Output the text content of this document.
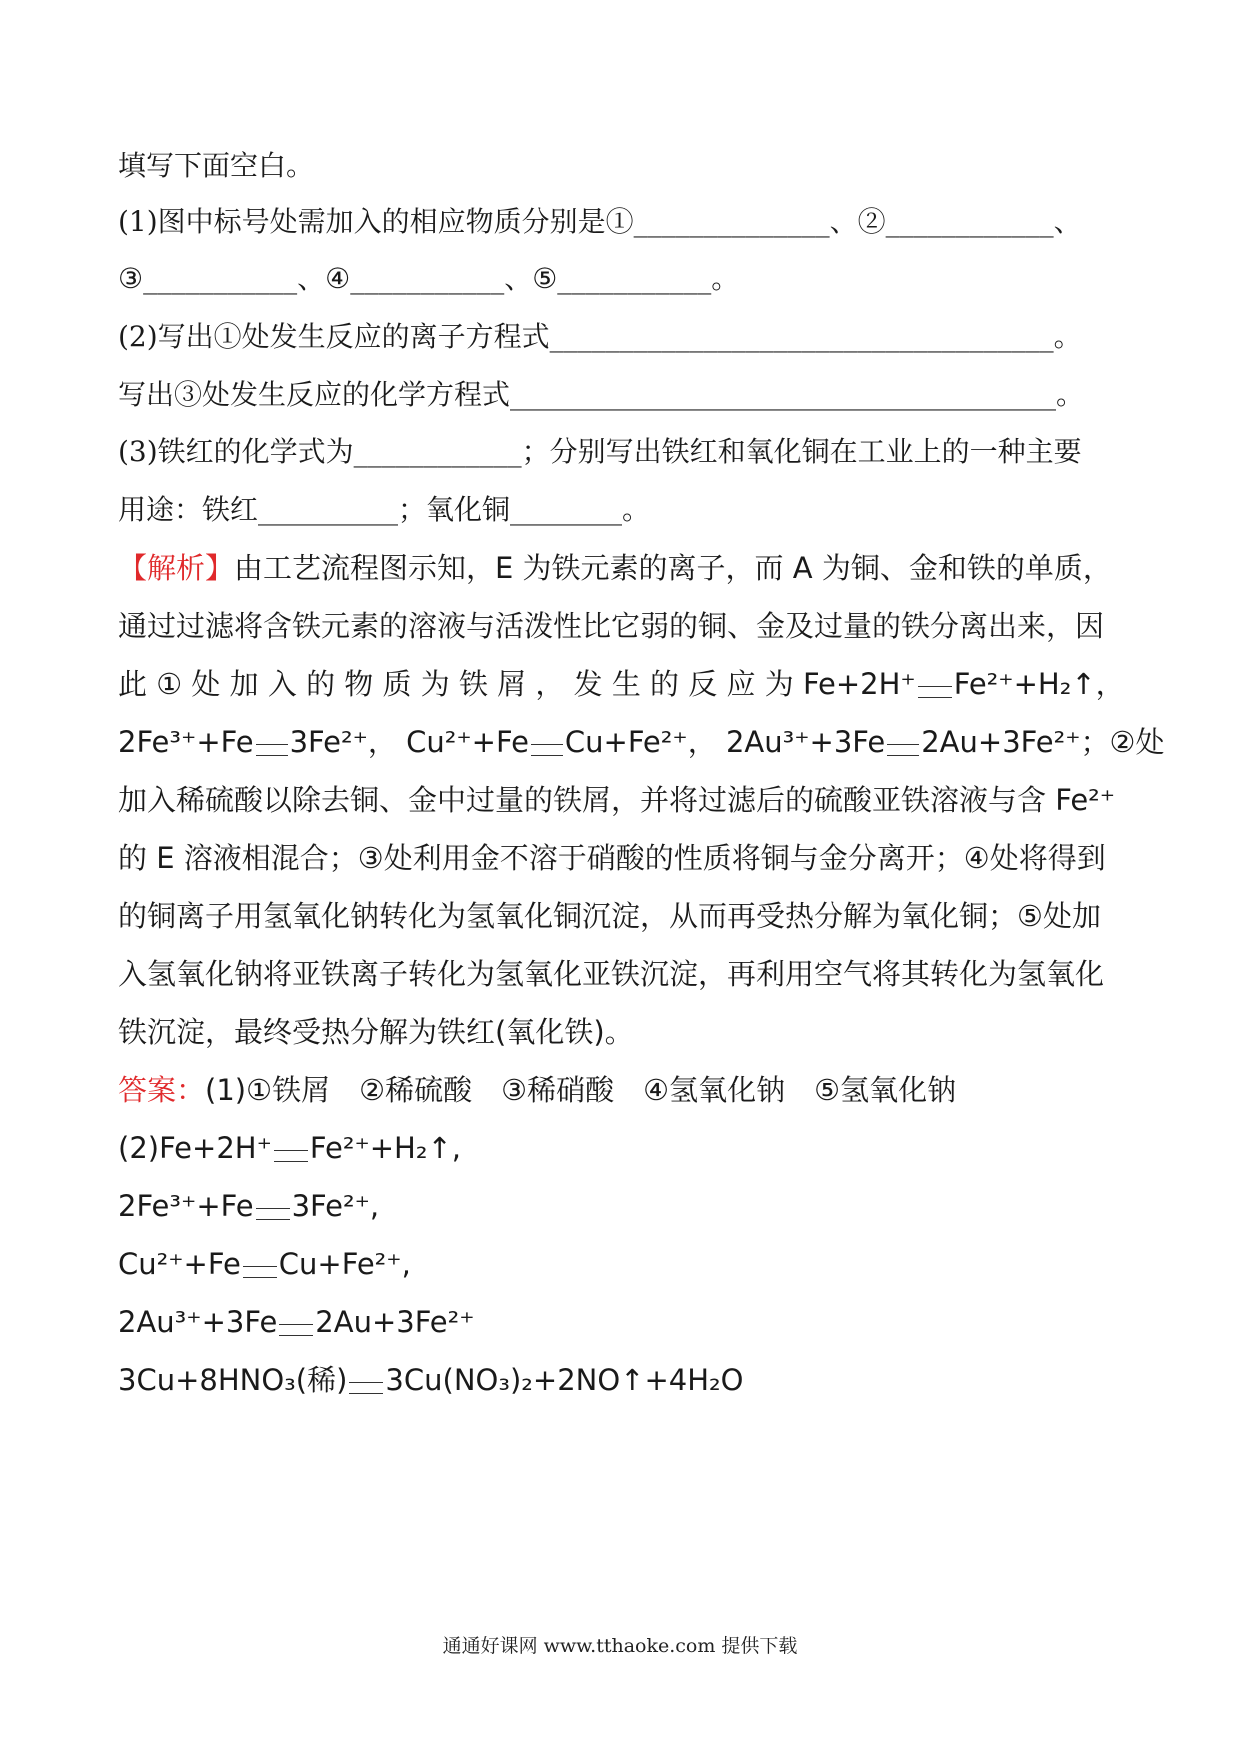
填写下面空白。
(1)图中标号处需加入的相应物质分别是①______________、②____________、
③___________、④___________、⑤___________。
(2)写出①处发生反应的离子方程式____________________________________。
写出③处发生反应的化学方程式_______________________________________。
(3)铁红的化学式为____________；分别写出铁红和氧化铜在工业上的一种主要
用途：铁红__________；氧化铜________。
【解析】由工艺流程图示知，E 为铁元素的离子，而 A 为铜、金和铁的单质，
通过过滤将含铁元素的溶液与活泼性比它弱的铜、金及过量的铁分离出来，因
此 ① 处 加 入 的 物 质 为 铁 屑 ， 发 生 的 反 应 为 Fe+2H⁺ Fe²⁺+H₂↑，
2Fe³⁺+Fe 3Fe²⁺， Cu²⁺+Fe Cu+Fe²⁺， 2Au³⁺+3Fe 2Au+3Fe²⁺；②处
加入稀硫酸以除去铜、金中过量的铁屑，并将过滤后的硫酸亚铁溶液与含 Fe²⁺
的 E 溶液相混合；③处利用金不溶于硝酸的性质将铜与金分离开；④处将得到
的铜离子用氢氧化钠转化为氢氧化铜沉淀，从而再受热分解为氧化铜；⑤处加
入氢氧化钠将亚铁离子转化为氢氧化亚铁沉淀，再利用空气将其转化为氢氧化
铁沉淀，最终受热分解为铁红(氧化铁)。
答案：(1)①铁屑　②稀硫酸　③稀硝酸　④氢氧化钠　⑤氢氧化钠
(2)Fe+2H⁺ Fe²⁺+H₂↑,
2Fe³⁺+Fe 3Fe²⁺,
Cu²⁺+Fe Cu+Fe²⁺,
2Au³⁺+3Fe 2Au+3Fe²⁺
3Cu+8HNO₃(稀) 3Cu(NO₃)₂+2NO↑+4H₂O
通通好课网 www.tthaoke.com 提供下载
